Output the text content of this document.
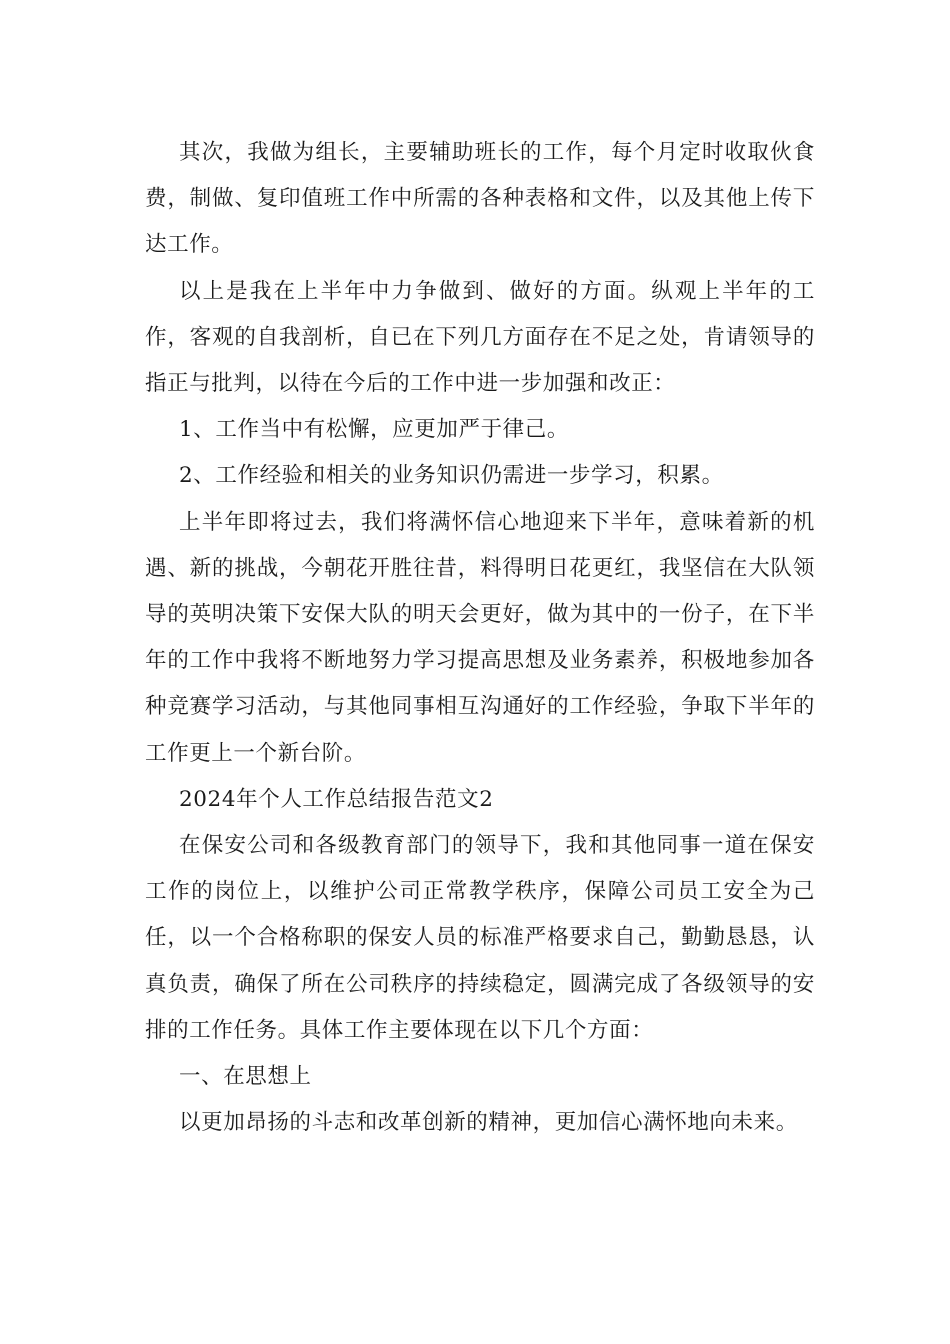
其次，我做为组长，主要辅助班长的工作，每个月定时收取伙食费，制做、复印值班工作中所需的各种表格和文件，以及其他上传下达工作。

以上是我在上半年中力争做到、做好的方面。纵观上半年的工作，客观的自我剖析，自已在下列几方面存在不足之处，肯请领导的指正与批判，以待在今后的工作中进一步加强和改正：

1、工作当中有松懈，应更加严于律己。

2、工作经验和相关的业务知识仍需进一步学习，积累。

上半年即将过去，我们将满怀信心地迎来下半年，意味着新的机遇、新的挑战，今朝花开胜往昔，料得明日花更红，我坚信在大队领导的英明决策下安保大队的明天会更好，做为其中的一份子，在下半年的工作中我将不断地努力学习提高思想及业务素养，积极地参加各种竞赛学习活动，与其他同事相互沟通好的工作经验，争取下半年的工作更上一个新台阶。

2024年个人工作总结报告范文2

在保安公司和各级教育部门的领导下，我和其他同事一道在保安工作的岗位上，以维护公司正常教学秩序，保障公司员工安全为己任，以一个合格称职的保安人员的标准严格要求自己，勤勤恳恳，认真负责，确保了所在公司秩序的持续稳定，圆满完成了各级领导的安排的工作任务。具体工作主要体现在以下几个方面：

一、在思想上

以更加昂扬的斗志和改革创新的精神，更加信心满怀地向未来。
